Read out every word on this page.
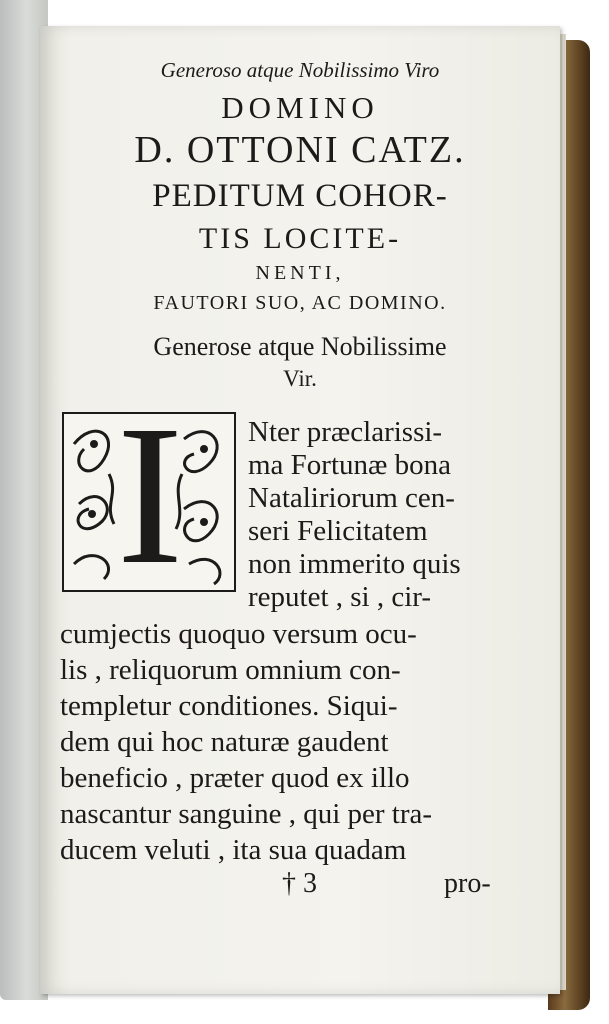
Generoso atque Nobilissimo Viro
DOMINO
D. OTTONI CATZ.
PEDITUM COHOR-
TIS LOCITE-
NENTI,
FAUTORI SUO, AC DOMINO.
Generose atque Nobilissime
Vir.
I Nter præclarissi-
ma Fortunæ bona
Nataliriorum cen-
seri Felicitatem
non immerito quis
reputet , si , cir-
cumjectis quoquo versum ocu-
lis , reliquorum omnium con-
templetur conditiones. Siqui-
dem qui hoc naturæ gaudent
beneficio , præter quod ex illo
nascantur sanguine , qui per tra-
ducem veluti , ita sua quadam
† 3	pro-
